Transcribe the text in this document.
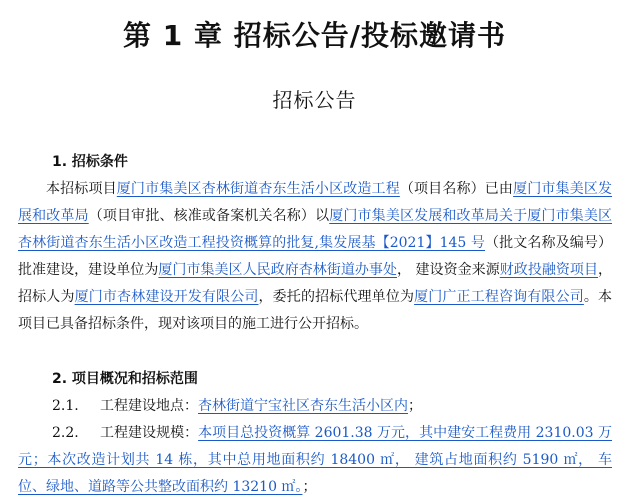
第 1 章 招标公告/投标邀请书
招标公告
1. 招标条件
本招标项目厦门市集美区杏林街道杏东生活小区改造工程（项目名称）已由厦门市集美区发展和改革局（项目审批、核准或备案机关名称）以厦门市集美区发展和改革局关于厦门市集美区杏林街道杏东生活小区改造工程投资概算的批复,集发展基【2021】145 号（批文名称及编号）批准建设，建设单位为厦门市集美区人民政府杏林街道办事处， 建设资金来源财政投融资项目，招标人为厦门市杏林建设开发有限公司，委托的招标代理单位为厦门广正工程咨询有限公司。本项目已具备招标条件，现对该项目的施工进行公开招标。
2. 项目概况和招标范围
2.1. 工程建设地点：杏林街道宁宝社区杏东生活小区内；
2.2. 工程建设规模：本项目总投资概算 2601.38 万元，其中建安工程费用 2310.03 万元；本次改造计划共 14 栋，其中总用地面积约 18400 ㎡， 建筑占地面积约 5190 ㎡， 车位、绿地、道路等公共整改面积约 13210 ㎡。；
